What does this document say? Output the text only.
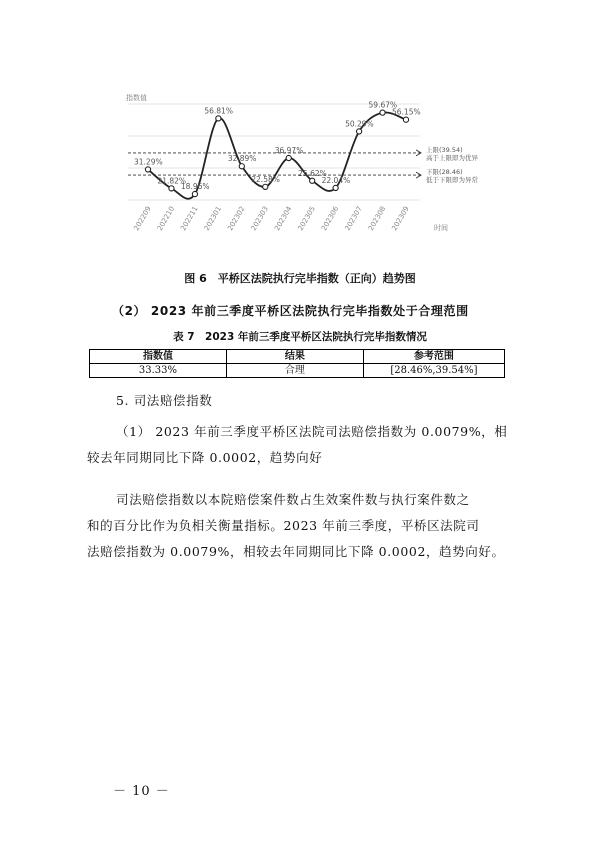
指数值
上限(39.54)
高于上限即为优异
下限(28.46)
低于下限即为异常
31.29%
21.82%
18.96%
56.81%
32.89%
22.58%
36.97%
25.62%
22.04%
50.29%
59.67%
56.15%
202209 202210 202211 202301 202302 202303 202304 202305 202306 202307 202308 202309	时间
图 6　平桥区法院执行完毕指数（正向）趋势图
（2） 2023 年前三季度平桥区法院执行完毕指数处于合理范围
表 7　2023 年前三季度平桥区法院执行完毕指数情况
指数值	结果	参考范围
33.33%	合理	[28.46%,39.54%]
5. 司法赔偿指数
（1） 2023 年前三季度平桥区法院司法赔偿指数为 0.0079%，相
较去年同期同比下降 0.0002，趋势向好
司法赔偿指数以本院赔偿案件数占生效案件数与执行案件数之
和的百分比作为负相关衡量指标。2023 年前三季度，平桥区法院司
法赔偿指数为 0.0079%，相较去年同期同比下降 0.0002，趋势向好。
－ 10 －
